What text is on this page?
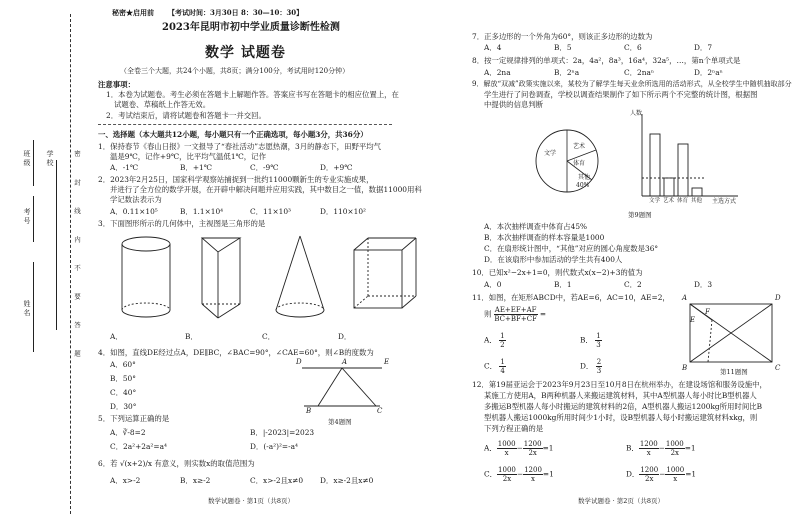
班级
考号
姓名
学校	密 封 线 内 不 要 答 题
秘密★启用前 【考试时间：3月30日 8：30—10：30】
2023年昆明市初中学业质量诊断性检测
数学 试题卷
（全卷三个大题，共24个小题，共8页；满分100分，考试用时120分钟）
注意事项：
1．本卷为试题卷。考生必须在答题卡上解题作答。答案应书写在答题卡的相应位置上，在
试题卷、草稿纸上作答无效。
2．考试结束后，请将试题卷和答题卡一并交回。
一、选择题（本大题共12小题，每小题只有一个正确选项，每小题3分，共36分）
1．保持春节《春山日报》一文报导了“春社活动”志愿热潮，3月的静态下，田野平均气
温是9℃，记作+9℃，比平均气温低1℃，记作
A．-1℃	B．+1℃	C．-9℃	D．+9℃
2．2023年2月25日，国家科学观察站捕捉到一批约11000颗新生的专业实施成果，
并进行了全方位的数学开展，在开辟中解决问题并应用实践，其中数目之一值，数据11000用科
学记数法表示为
A．0.11×10⁵	B．1.1×10⁴	C．11×10³	D．110×10²
3．下面图形所示的几何体中，主视图是三角形的是
A．	B．	C．	D．
4．如图，直线DE经过点A，DE∥BC，∠BAC=90°，∠CAE=60°，则∠B的度数为
A．60°
B．50°
C．40°
D．30°
D	A	E
B	C
第4题图
5．下列运算正确的是
A．∛-8=2	B．|-2023|=2023
C．2a²+2a²=a⁴	D．(-a²)²=-a⁴
6．若 √(x+2)/x 有意义，则实数x的取值范围为
A．x>-2	B．x≥-2	C．x>-2且x≠0 D．x≥-2且x≠0
数学试题卷 · 第1页（共8页）
7．正多边形的一个外角为60°，则该正多边形的边数为
A．4	B．5	C．6	D．7
8．按一定规律排列的单项式：2a，4a²，8a³，16a⁴，32a⁵，…，第n个单项式是
A．2na	B．2ⁿa	C．2naⁿ	D．2ⁿaⁿ
9．解放“双减”政策实施以来，某校为了解学生每天业余所选用的活动形式，从全校学生中随机抽取部分
学生进行了问卷调查，学校以调查结果制作了如下所示两个不完整的统计图，根据图
中提供的信息判断
文学
艺术
体育
其他
40%
人数
主选方式
文学 艺术 体育 其他
第9题图
A．本次抽样调查中体育占45%
B．本次抽样调查的样本容量是1000
C．在扇形统计图中，“其他”对应的圆心角度数是36°
D．在该扇形中参加活动的学生共有400人
10．已知x²−2x+1=0，则代数式x(x−2)+3的值为
A．0	B．1	C．2	D．3
11．如图，在矩形ABCD中，若AE=6，AC=10，AE=2，
则 $\frac{AE+EF+AF}{BC+BF+CF}$ =
A． $\frac{1}{2}$	B． $\frac{1}{3}$
C． $\frac{1}{4}$	D． $\frac{2}{3}$
A	D
E
F
B	C
第11题图
12．第19届亚运会于2023年9月23日至10月8日在杭州举办，在建设场馆和服务设施中，
某施工方使用A，B两种机器人来搬运建筑材料，其中A型机器人每小时比B型机器人
多搬运B型机器人每小时搬运的建筑材料的2倍，A型机器人搬运1200kg所用时间比B
型机器人搬运1000kg所用时间少1小时，设B型机器人每小时搬运建筑材料xkg，则
下列方程正确的是
A． $\frac{1000}{x} - \frac{1200}{2x} =1$	B． $\frac{1200}{x} - \frac{1000}{2x} =1$
C． $\frac{1000}{2x} - \frac{1200}{x} =1$	D． $\frac{1200}{2x} - \frac{1000}{x} =1$
数学试题卷 · 第2页（共8页）
